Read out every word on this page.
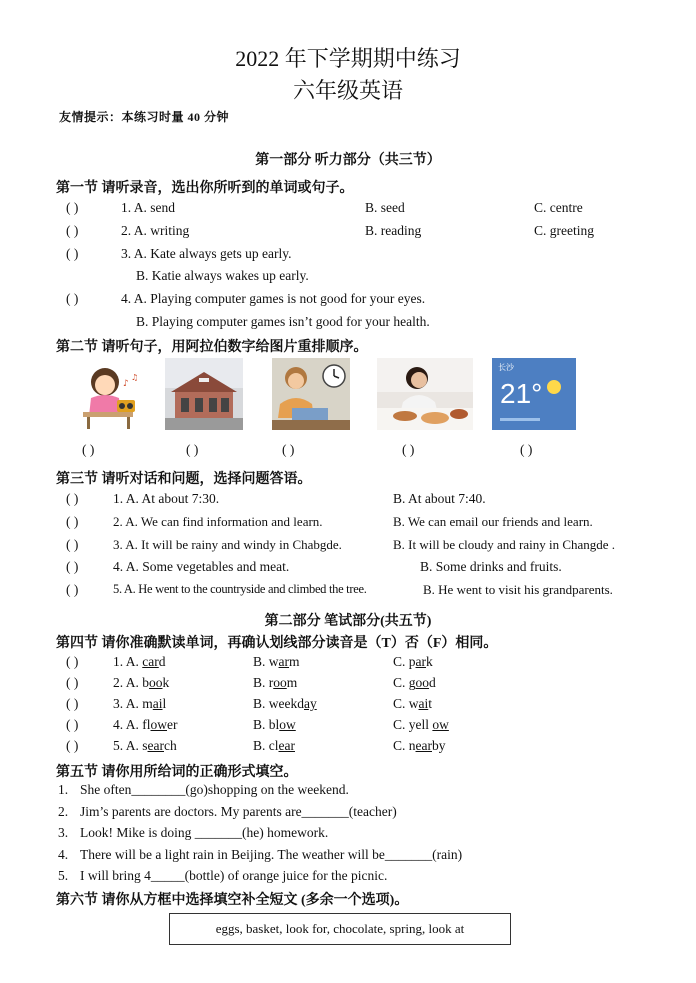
2022 年下学期期中练习
六年级英语
友情提示：本练习时量 40 分钟
第一部分 听力部分（共三节）
第一节 请听录音，选出你所听到的单词或句子。
( )	1. A. send	B. seed	C. centre
( )	2. A. writing	B. reading	C. greeting
( )	3. A. Kate always gets up early.
B. Katie always wakes up early.
( )	4. A. Playing computer games is not good for your eyes.
B. Playing computer games isn’t good for your health.
第二节 请听句子，用阿拉伯数字给图片重排顺序。
♪
♫
长沙
21°
( )	( )	( )	( )	( )
第三节 请听对话和问题，选择问题答语。
( )	1. A. At about 7:30.	B. At about 7:40.
( )	2. A. We can find information and learn.	B. We can email our friends and learn.
( )	3. A. It will be rainy and windy in Chabgde.	B. It will be cloudy and rainy in Changde .
( )	4. A. Some vegetables and meat.	B. Some drinks and fruits.
( )	5. A. He went to the countryside and climbed the tree.	B. He went to visit his grandparents.
第二部分 笔试部分(共五节)
第四节 请你准确默读单词，再确认划线部分读音是（T）否（F）相同。
( )	1. A. card	B. warm	C. park
( )	2. A. book	B. room	C. good
( )	3. A. mail	B. weekday	C. wait
( )	4. A. flower	B. blow	C. yell ow
( )	5. A. search	B. clear	C. nearby
第五节 请你用所给词的正确形式填空。
1. She often________(go)shopping on the weekend.
2. Jim’s parents are doctors. My parents are_______(teacher)
3. Look! Mike is doing _______(he) homework.
4. There will be a light rain in Beijing. The weather will be_______(rain)
5. I will bring 4_____(bottle) of orange juice for the picnic.
第六节 请你从方框中选择填空补全短文 (多余一个选项)。
eggs, basket, look for, chocolate, spring, look at
